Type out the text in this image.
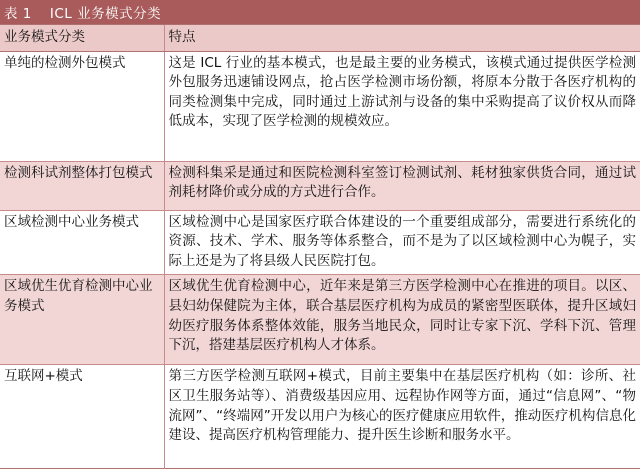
表 1 ICL 业务模式分类
业务模式分类	特点
单纯的检测外包模式	这是 ICL 行业的基本模式，也是最主要的业务模式，该模式通过提供医学检测外包服务迅速铺设网点，抢占医学检测市场份额，将原本分散于各医疗机构的同类检测集中完成，同时通过上游试剂与设备的集中采购提高了议价权从而降低成本，实现了医学检测的规模效应。
检测科试剂整体打包模式	检测科集采是通过和医院检测科室签订检测试剂、耗材独家供货合同，通过试剂耗材降价或分成的方式进行合作。
区域检测中心业务模式	区域检测中心是国家医疗联合体建设的一个重要组成部分，需要进行系统化的资源、技术、学术、服务等体系整合，而不是为了以区域检测中心为幌子，实际上还是为了将县级人民医院打包。
区域优生优育检测中心业务模式	区域优生优育检测中心，近年来是第三方医学检测中心在推进的项目。以区、县妇幼保健院为主体，联合基层医疗机构为成员的紧密型医联体，提升区域妇幼医疗服务体系整体效能，服务当地民众，同时让专家下沉、学科下沉、管理下沉，搭建基层医疗机构人才体系。
互联网+模式	第三方医学检测互联网+模式，目前主要集中在基层医疗机构（如：诊所、社区卫生服务站等）、消费级基因应用、远程协作网等方面，通过“信息网”、“物流网”、“终端网”开发以用户为核心的医疗健康应用软件，推动医疗机构信息化建设、提高医疗机构管理能力、提升医生诊断和服务水平。
